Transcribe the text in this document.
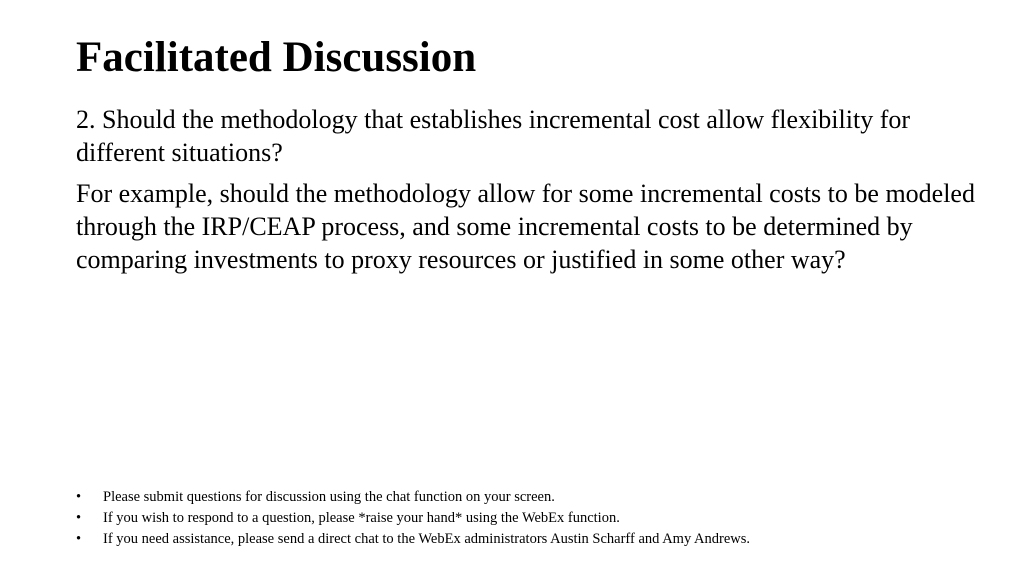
Facilitated Discussion

2. Should the methodology that establishes incremental cost allow flexibility for different situations?

For example, should the methodology allow for some incremental costs to be modeled through the IRP/CEAP process, and some incremental costs to be determined by comparing investments to proxy resources or justified in some other way?

• Please submit questions for discussion using the chat function on your screen.
• If you wish to respond to a question, please *raise your hand* using the WebEx function.
• If you need assistance, please send a direct chat to the WebEx administrators Austin Scharff and Amy Andrews.
